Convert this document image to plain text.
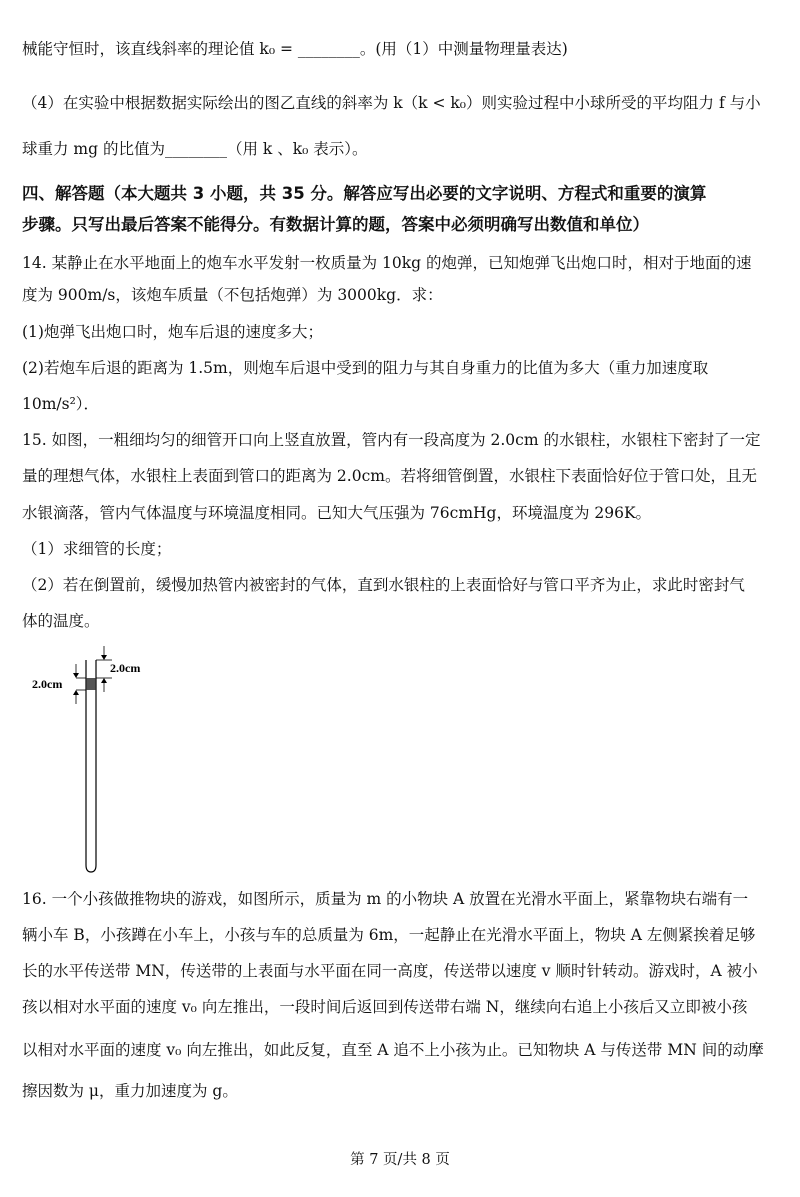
械能守恒时，该直线斜率的理论值 k₀ = ________。(用（1）中测量物理量表达)
（4）在实验中根据数据实际绘出的图乙直线的斜率为 k（k < k₀）则实验过程中小球所受的平均阻力 f 与小
球重力 mg 的比值为________（用 k 、k₀ 表示）。
四、解答题（本大题共 3 小题，共 35 分。解答应写出必要的文字说明、方程式和重要的演算
步骤。只写出最后答案不能得分。有数据计算的题，答案中必须明确写出数值和单位）
14. 某静止在水平地面上的炮车水平发射一枚质量为 10kg 的炮弹，已知炮弹飞出炮口时，相对于地面的速
度为 900m/s，该炮车质量（不包括炮弹）为 3000kg．求：
(1)炮弹飞出炮口时，炮车后退的速度多大；
(2)若炮车后退的距离为 1.5m，则炮车后退中受到的阻力与其自身重力的比值为多大（重力加速度取
10m/s²）．
15. 如图，一粗细均匀的细管开口向上竖直放置，管内有一段高度为 2.0cm 的水银柱，水银柱下密封了一定
量的理想气体，水银柱上表面到管口的距离为 2.0cm。若将细管倒置，水银柱下表面恰好位于管口处，且无
水银滴落，管内气体温度与环境温度相同。已知大气压强为 76cmHg，环境温度为 296K。
（1）求细管的长度；
（2）若在倒置前，缓慢加热管内被密封的气体，直到水银柱的上表面恰好与管口平齐为止，求此时密封气
体的温度。
2.0cm
2.0cm
16. 一个小孩做推物块的游戏，如图所示，质量为 m 的小物块 A 放置在光滑水平面上，紧靠物块右端有一
辆小车 B，小孩蹲在小车上，小孩与车的总质量为 6m，一起静止在光滑水平面上，物块 A 左侧紧挨着足够
长的水平传送带 MN，传送带的上表面与水平面在同一高度，传送带以速度 v 顺时针转动。游戏时，A 被小
孩以相对水平面的速度 v₀ 向左推出，一段时间后返回到传送带右端 N，继续向右追上小孩后又立即被小孩
以相对水平面的速度 v₀ 向左推出，如此反复，直至 A 追不上小孩为止。已知物块 A 与传送带 MN 间的动摩
擦因数为 μ，重力加速度为 g。
第 7 页/共 8 页
